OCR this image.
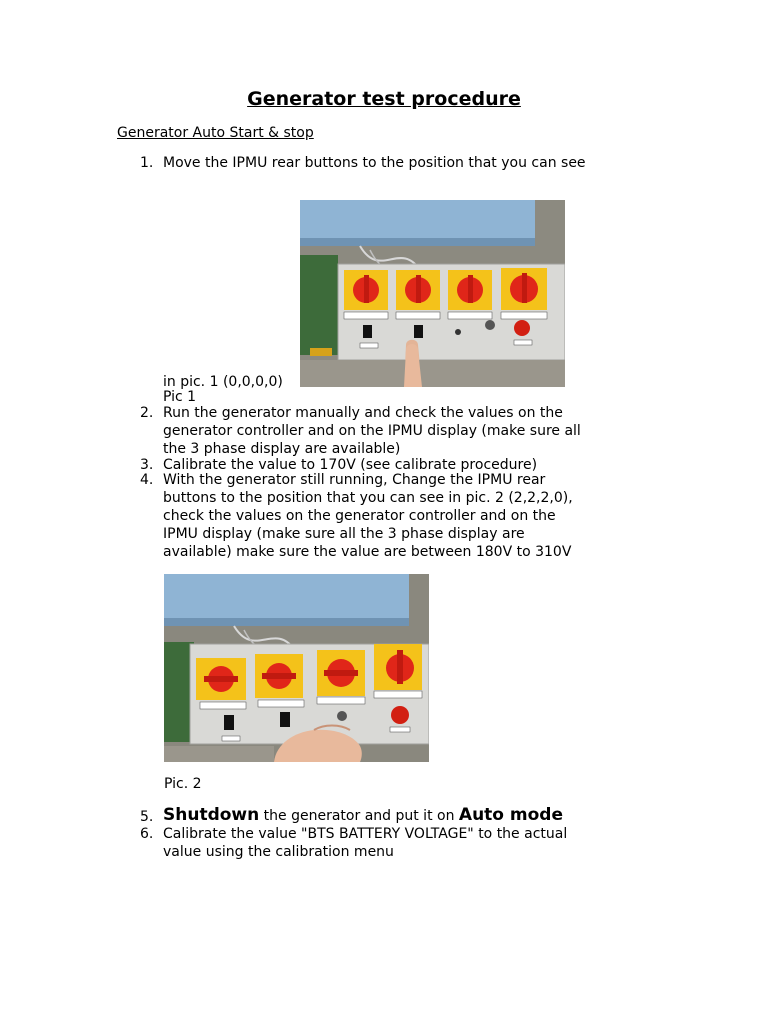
Generator test procedure
Generator Auto Start & stop
1. Move the IPMU rear buttons to the position that you can see
in pic. 1 (0,0,0,0)
Pic 1
2. Run the generator manually and check the values on the
generator controller and on the IPMU display (make sure all
the 3 phase display are available)
3. Calibrate the value to 170V (see calibrate procedure)
4. With the generator still running, Change the IPMU rear
buttons to the position that you can see in pic. 2 (2,2,2,0),
check the values on the generator controller and on the
IPMU display (make sure all the 3 phase display are
available) make sure the value are between 180V to 310V
Pic. 2
5. Shutdown the generator and put it on Auto mode
6. Calibrate the value "BTS BATTERY VOLTAGE" to the actual
value using the calibration menu
